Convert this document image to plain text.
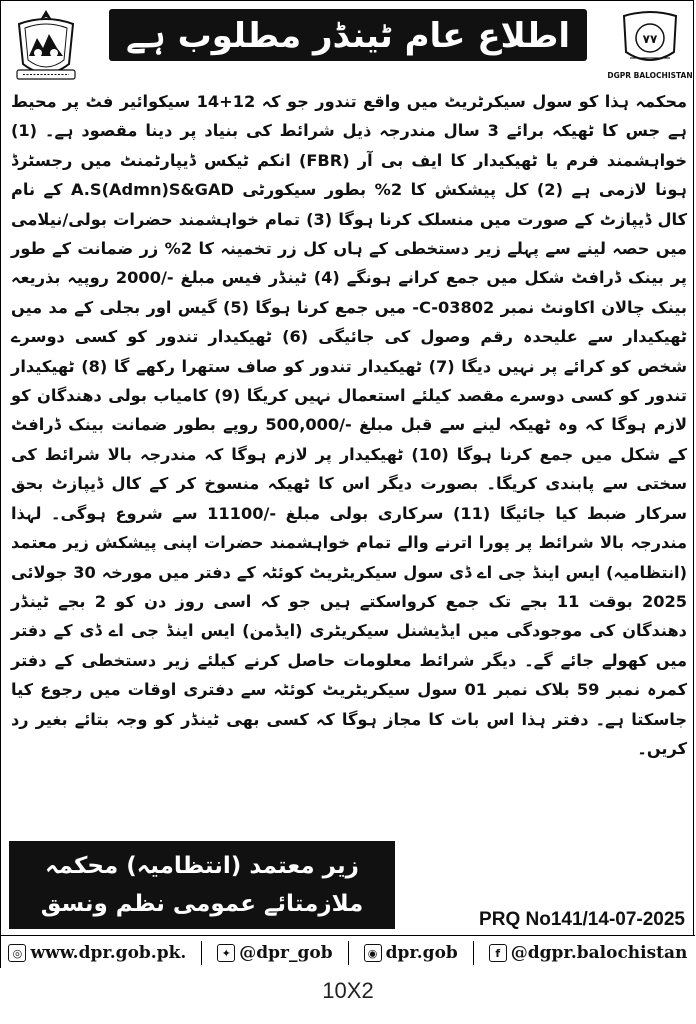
اطلاع عام ٹینڈر مطلوب ہے	۷۷
DGPR BALOCHISTAN

محکمہ ہذا کو سول سیکرٹریٹ میں واقع تندور جو کہ 12+14 سیکوائیر فٹ پر محیط ہے جس کا ٹھیکہ برائے 3 سال مندرجہ ذیل شرائط کی بنیاد پر دینا مقصود ہے۔ (1) خواہشمند فرم یا ٹھیکیدار کا ایف بی آر (FBR) انکم ٹیکس ڈیپارٹمنٹ میں رجسٹرڈ ہونا لازمی ہے (2) کل پیشکش کا 2% بطور سیکورٹی A.S(Admn)S&GAD کے نام کال ڈیپازٹ کے صورت میں منسلک کرنا ہوگا (3) تمام خواہشمند حضرات بولی/نیلامی میں حصہ لینے سے پہلے زیر دستخطی کے ہاں کل زر تخمینہ کا 2% زر ضمانت کے طور پر بینک ڈرافٹ شکل میں جمع کرانے ہونگے (4) ٹینڈر فیس مبلغ -/2000 روپیہ بذریعہ بینک چالان اکاونٹ نمبر C-03802- میں جمع کرنا ہوگا (5) گیس اور بجلی کے مد میں ٹھیکیدار سے علیحدہ رقم وصول کی جائیگی (6) ٹھیکیدار تندور کو کسی دوسرے شخص کو کرائے پر نہیں دیگا (7) ٹھیکیدار تندور کو صاف ستھرا رکھے گا (8) ٹھیکیدار تندور کو کسی دوسرے مقصد کیلئے استعمال نہیں کریگا (9) کامیاب بولی دھندگان کو لازم ہوگا کہ وہ ٹھیکہ لینے سے قبل مبلغ -/500,000 روپے بطور ضمانت بینک ڈرافٹ کے شکل میں جمع کرنا ہوگا (10) ٹھیکیدار پر لازم ہوگا کہ مندرجہ بالا شرائط کی سختی سے پابندی کریگا۔ بصورت دیگر اس کا ٹھیکہ منسوخ کر کے کال ڈیپازٹ بحق سرکار ضبط کیا جائیگا (11) سرکاری بولی مبلغ -/11100 سے شروع ہوگی۔ لہذا مندرجہ بالا شرائط پر پورا اترنے والے تمام خواہشمند حضرات اپنی پیشکش زیر معتمد (انتظامیہ) ایس اینڈ جی اے ڈی سول سیکریٹریٹ کوئٹہ کے دفتر میں مورخہ 30 جولائی 2025 بوقت 11 بجے تک جمع کرواسکتے ہیں جو کہ اسی روز دن کو 2 بجے ٹینڈر دھندگان کی موجودگی میں ایڈیشنل سیکریٹری (ایڈمن) ایس اینڈ جی اے ڈی کے دفتر میں کھولے جائے گے۔ دیگر شرائط معلومات حاصل کرنے کیلئے زیر دستخطی کے دفتر کمرہ نمبر 59 بلاک نمبر 01 سول سیکریٹریٹ کوئٹہ سے دفتری اوقات میں رجوع کیا جاسکتا ہے۔ دفتر ہذا اس بات کا مجاز ہوگا کہ کسی بھی ٹینڈر کو وجہ بتائے بغیر رد کریں۔

زیر معتمد (انتظامیہ) محکمہ
ملازمتائے عمومی نظم ونسق
PRQ No141/14-07-2025
◎ www.dpr.gob.pk.	✦ @dpr_gob	◉ dpr.gob	f @dgpr.balochistan
10X2
